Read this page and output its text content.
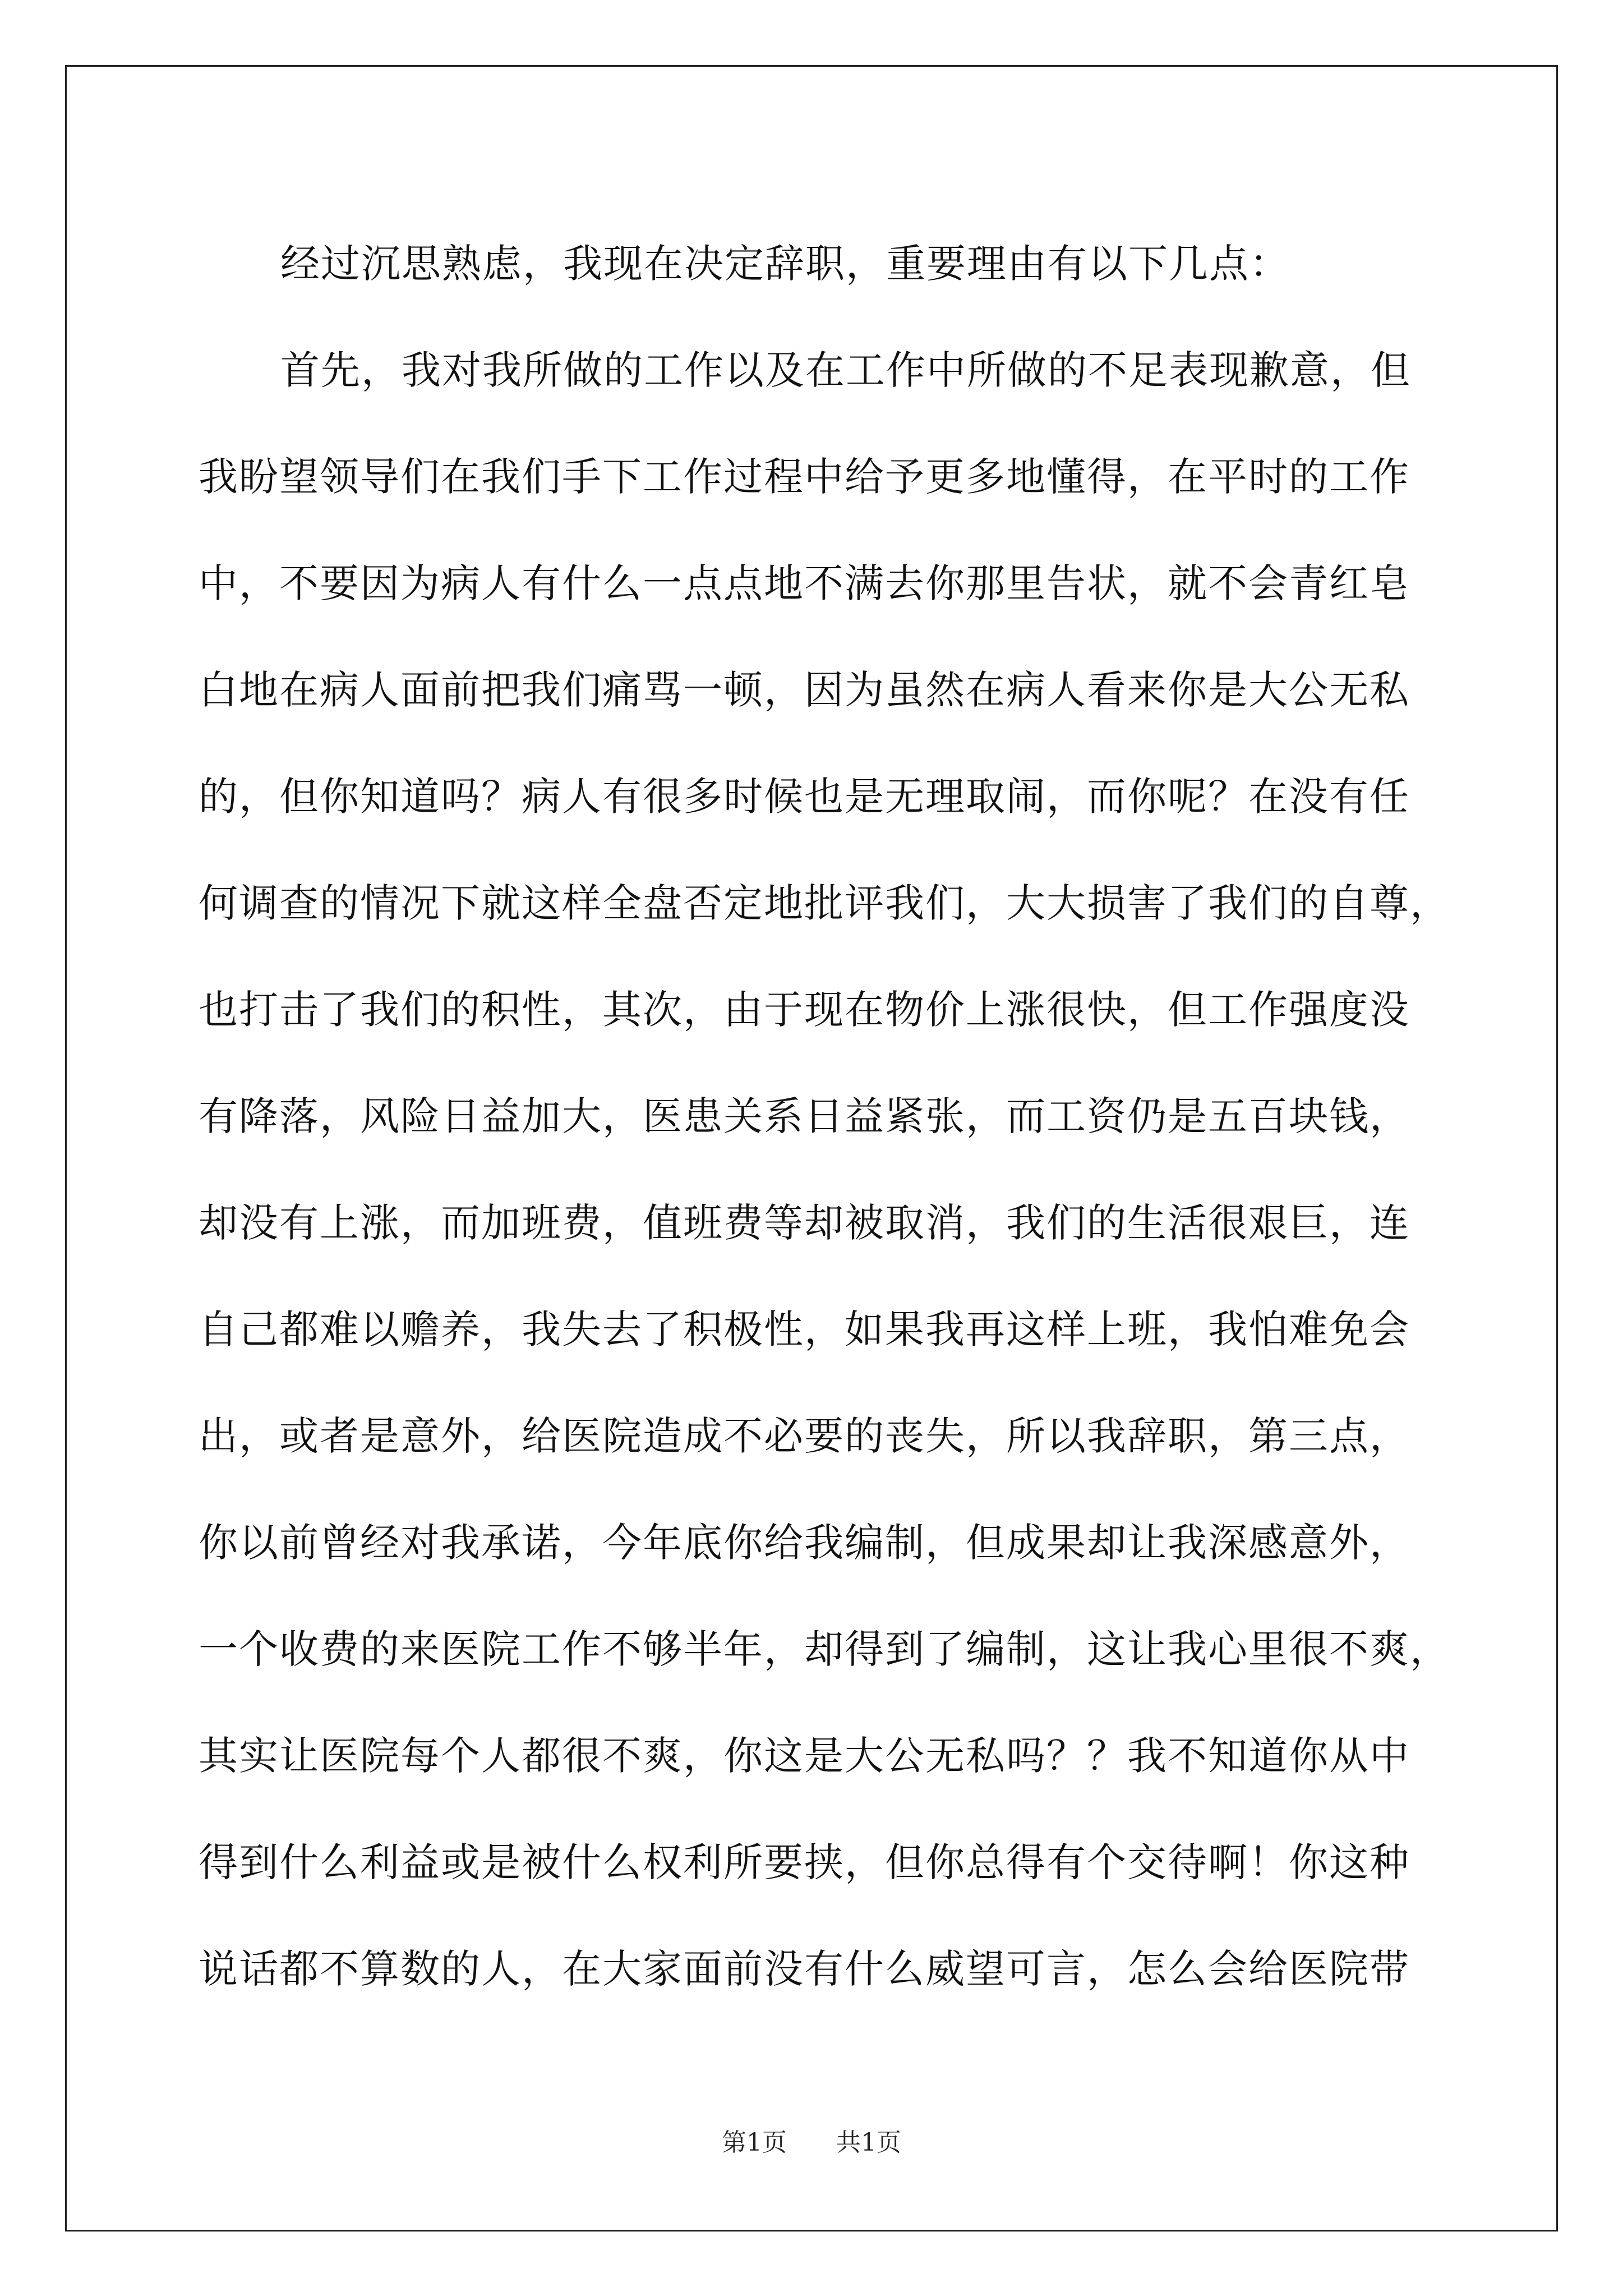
经过沉思熟虑，我现在决定辞职，重要理由有以下几点：
首先，我对我所做的工作以及在工作中所做的不足表现歉意，但
我盼望领导们在我们手下工作过程中给予更多地懂得，在平时的工作
中，不要因为病人有什么一点点地不满去你那里告状，就不会青红皂
白地在病人面前把我们痛骂一顿，因为虽然在病人看来你是大公无私
的，但你知道吗？病人有很多时候也是无理取闹，而你呢？在没有任
何调查的情况下就这样全盘否定地批评我们，大大损害了我们的自尊，
也打击了我们的积性，其次，由于现在物价上涨很快，但工作强度没
有降落，风险日益加大，医患关系日益紧张，而工资仍是五百块钱，
却没有上涨，而加班费，值班费等却被取消，我们的生活很艰巨，连
自己都难以赡养，我失去了积极性，如果我再这样上班，我怕难免会
出，或者是意外，给医院造成不必要的丧失，所以我辞职，第三点，
你以前曾经对我承诺，今年底你给我编制，但成果却让我深感意外，
一个收费的来医院工作不够半年，却得到了编制，这让我心里很不爽，
其实让医院每个人都很不爽，你这是大公无私吗？？我不知道你从中
得到什么利益或是被什么权利所要挟，但你总得有个交待啊！你这种
说话都不算数的人，在大家面前没有什么威望可言，怎么会给医院带
第1页 共1页
